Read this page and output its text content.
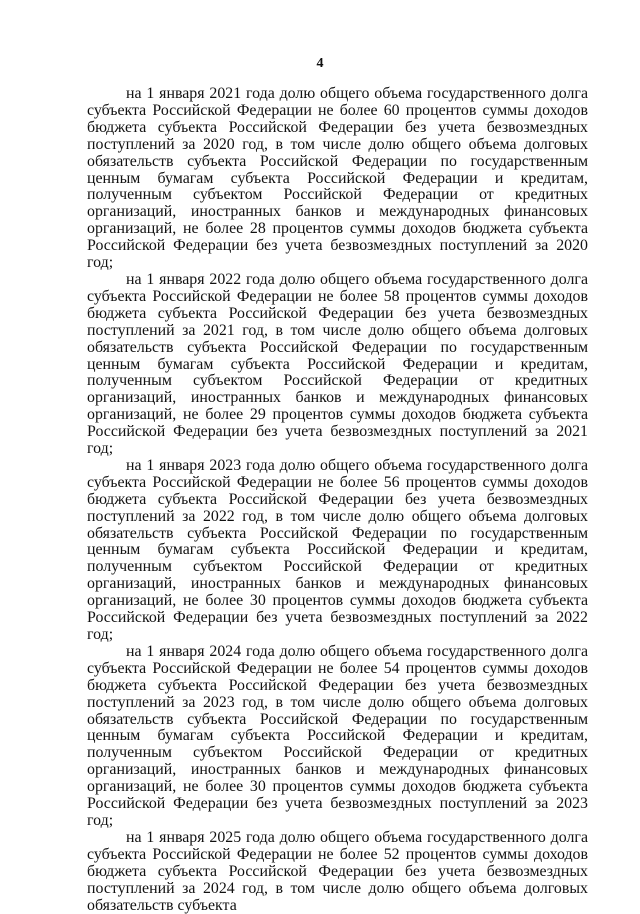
4

на 1 января 2021 года долю общего объема государственного долга субъекта Российской Федерации не более 60 процентов суммы доходов бюджета субъекта Российской Федерации без учета безвозмездных поступлений за 2020 год, в том числе долю общего объема долговых обязательств субъекта Российской Федерации по государственным ценным бумагам субъекта Российской Федерации и кредитам, полученным субъектом Российской Федерации от кредитных организаций, иностранных банков и международных финансовых организаций, не более 28 процентов суммы доходов бюджета субъекта Российской Федерации без учета безвозмездных поступлений за 2020 год;

на 1 января 2022 года долю общего объема государственного долга субъекта Российской Федерации не более 58 процентов суммы доходов бюджета субъекта Российской Федерации без учета безвозмездных поступлений за 2021 год, в том числе долю общего объема долговых обязательств субъекта Российской Федерации по государственным ценным бумагам субъекта Российской Федерации и кредитам, полученным субъектом Российской Федерации от кредитных организаций, иностранных банков и международных финансовых организаций, не более 29 процентов суммы доходов бюджета субъекта Российской Федерации без учета безвозмездных поступлений за 2021 год;

на 1 января 2023 года долю общего объема государственного долга субъекта Российской Федерации не более 56 процентов суммы доходов бюджета субъекта Российской Федерации без учета безвозмездных поступлений за 2022 год, в том числе долю общего объема долговых обязательств субъекта Российской Федерации по государственным ценным бумагам субъекта Российской Федерации и кредитам, полученным субъектом Российской Федерации от кредитных организаций, иностранных банков и международных финансовых организаций, не более 30 процентов суммы доходов бюджета субъекта Российской Федерации без учета безвозмездных поступлений за 2022 год;

на 1 января 2024 года долю общего объема государственного долга субъекта Российской Федерации не более 54 процентов суммы доходов бюджета субъекта Российской Федерации без учета безвозмездных поступлений за 2023 год, в том числе долю общего объема долговых обязательств субъекта Российской Федерации по государственным ценным бумагам субъекта Российской Федерации и кредитам, полученным субъектом Российской Федерации от кредитных организаций, иностранных банков и международных финансовых организаций, не более 30 процентов суммы доходов бюджета субъекта Российской Федерации без учета безвозмездных поступлений за 2023 год;

на 1 января 2025 года долю общего объема государственного долга субъекта Российской Федерации не более 52 процентов суммы доходов бюджета субъекта Российской Федерации без учета безвозмездных поступлений за 2024 год, в том числе долю общего объема долговых обязательств субъекта
